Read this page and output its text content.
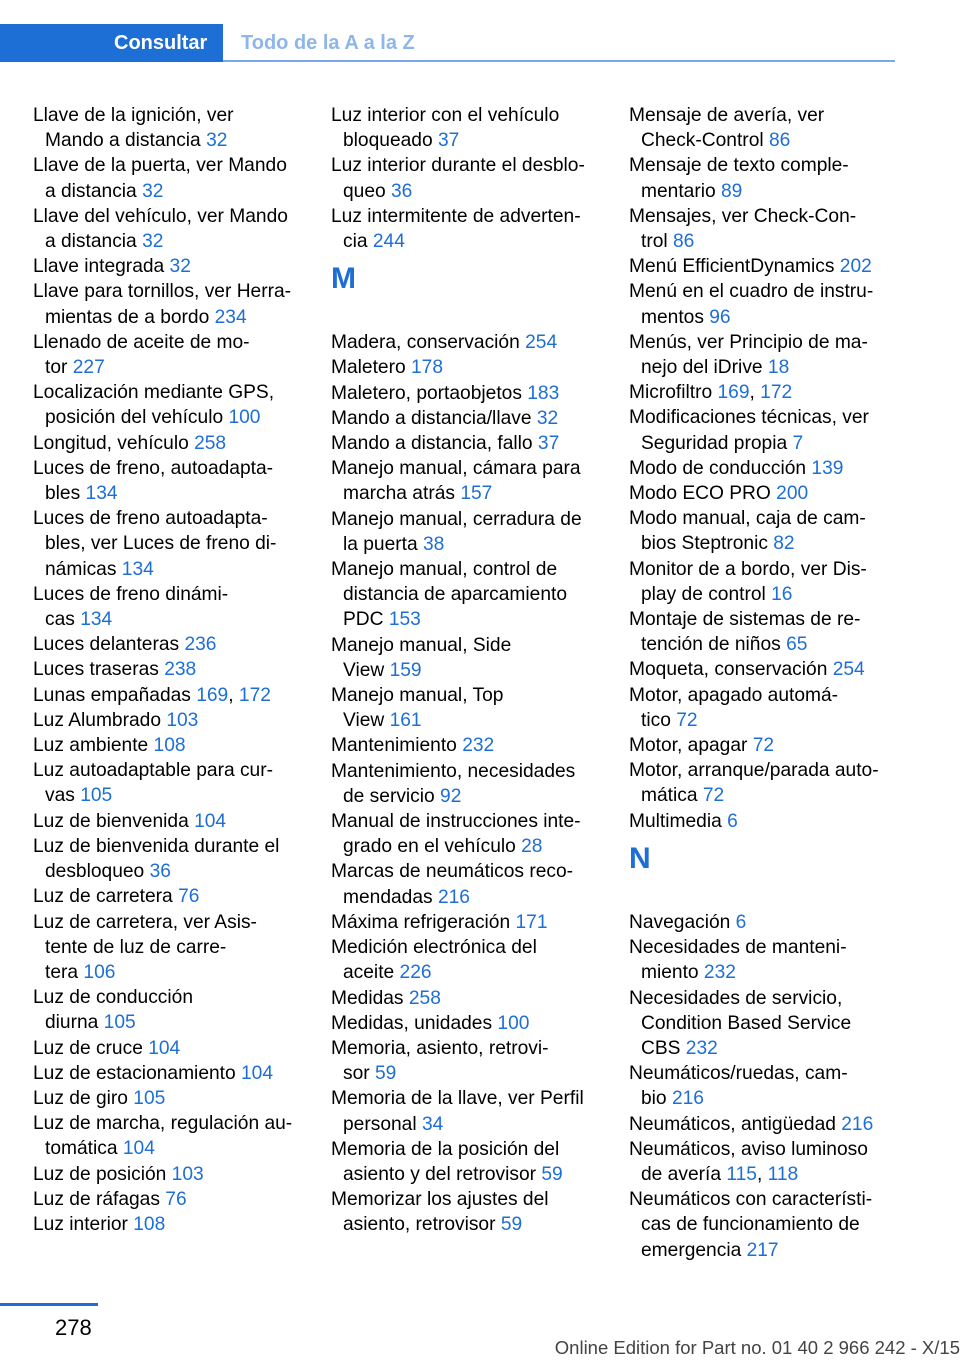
Consultar	Todo de la A a la Z

Llave de la ignición, ver
Mando a distancia 32

Llave de la puerta, ver Mando
a distancia 32

Llave del vehículo, ver Mando
a distancia 32

Llave integrada 32

Llave para tornillos, ver Herra‐
mientas de a bordo 234

Llenado de aceite de mo‐
tor 227

Localización mediante GPS,
posición del vehículo 100

Longitud, vehículo 258

Luces de freno, autoadapta‐
bles 134

Luces de freno autoadapta‐
bles, ver Luces de freno di‐
námicas 134

Luces de freno dinámi‐
cas 134

Luces delanteras 236

Luces traseras 238

Lunas empañadas 169, 172

Luz Alumbrado 103

Luz ambiente 108

Luz autoadaptable para cur‐
vas 105

Luz de bienvenida 104

Luz de bienvenida durante el
desbloqueo 36

Luz de carretera 76

Luz de carretera, ver Asis‐
tente de luz de carre‐
tera 106

Luz de conducción
diurna 105

Luz de cruce 104

Luz de estacionamiento 104

Luz de giro 105

Luz de marcha, regulación au‐
tomática 104

Luz de posición 103

Luz de ráfagas 76

Luz interior 108

Luz interior con el vehículo
bloqueado 37

Luz interior durante el desblo‐
queo 36

Luz intermitente de adverten‐
cia 244

M

Madera, conservación 254

Maletero 178

Maletero, portaobjetos 183

Mando a distancia/llave 32

Mando a distancia, fallo 37

Manejo manual, cámara para
marcha atrás 157

Manejo manual, cerradura de
la puerta 38

Manejo manual, control de
distancia de aparcamiento
PDC 153

Manejo manual, Side
View 159

Manejo manual, Top
View 161

Mantenimiento 232

Mantenimiento, necesidades
de servicio 92

Manual de instrucciones inte‐
grado en el vehículo 28

Marcas de neumáticos reco‐
mendadas 216

Máxima refrigeración 171

Medición electrónica del
aceite 226

Medidas 258

Medidas, unidades 100

Memoria, asiento, retrovi‐
sor 59

Memoria de la llave, ver Perfil
personal 34

Memoria de la posición del
asiento y del retrovisor 59

Memorizar los ajustes del
asiento, retrovisor 59

Mensaje de avería, ver
Check-Control 86

Mensaje de texto comple‐
mentario 89

Mensajes, ver Check-Con‐
trol 86

Menú EfficientDynamics 202

Menú en el cuadro de instru‐
mentos 96

Menús, ver Principio de ma‐
nejo del iDrive 18

Microfiltro 169, 172

Modificaciones técnicas, ver
Seguridad propia 7

Modo de conducción 139

Modo ECO PRO 200

Modo manual, caja de cam‐
bios Steptronic 82

Monitor de a bordo, ver Dis‐
play de control 16

Montaje de sistemas de re‐
tención de niños 65

Moqueta, conservación 254

Motor, apagado automá‐
tico 72

Motor, apagar 72

Motor, arranque/parada auto‐
mática 72

Multimedia 6

N

Navegación 6

Necesidades de manteni‐
miento 232

Necesidades de servicio,
Condition Based Service
CBS 232

Neumáticos/ruedas, cam‐
bio 216

Neumáticos, antigüedad 216

Neumáticos, aviso luminoso
de avería 115, 118

Neumáticos con característi‐
cas de funcionamiento de
emergencia 217

278
Online Edition for Part no. 01 40 2 966 242 - X/15
